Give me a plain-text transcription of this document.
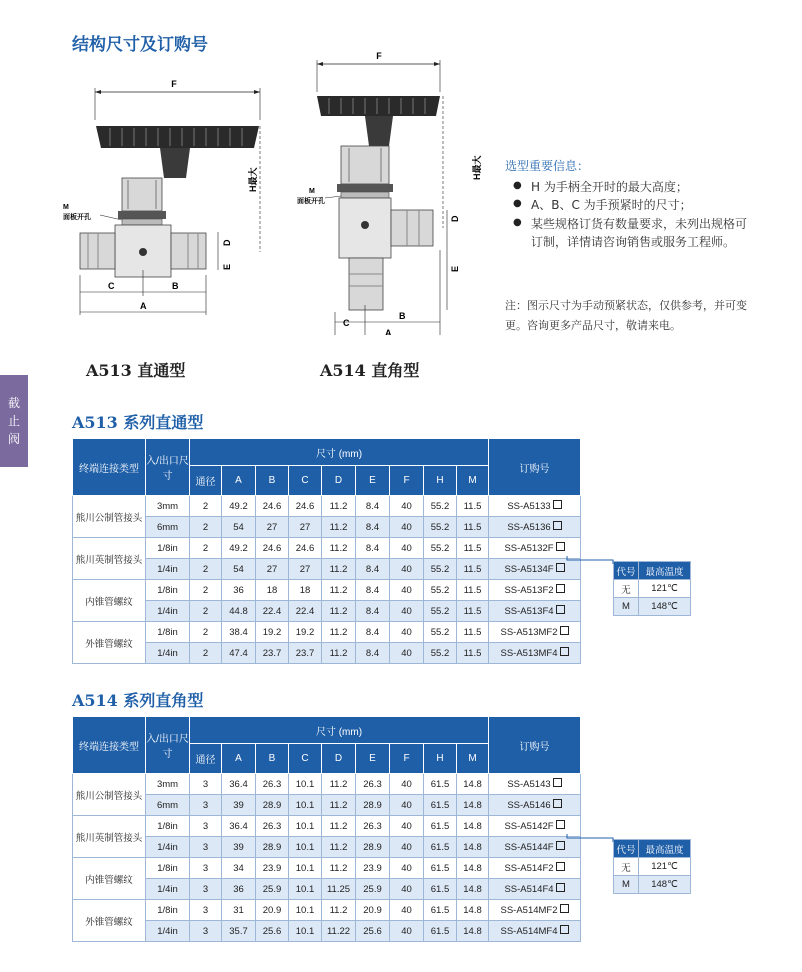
结构尺寸及订购号
截
止
阀
F
M
面板开孔
H最大
D
E
C	B
A
F
M
面板开孔
H最大
D
E
C
B
A
A513 直通型	A514 直角型
选型重要信息：
● H 为手柄全开时的最大高度；
● A、B、C 为手预紧时的尺寸；
● 某些规格订货有数量要求，未列出规格可订制，详情请咨询销售或服务工程师。
注：图示尺寸为手动预紧状态，仅供参考，并可变更。咨询更多产品尺寸，敬请来电。
A513 系列直通型
终端连接类型	入/出口尺寸	尺寸 (mm)									订购号
		通径	A	B	C	D	E	F	H	M	
熊川公制管接头	3mm	2	49.2	24.6	24.6	11.2	8.4	40	55.2	11.5	SS-A5133
	6mm	2	54	27	27	11.2	8.4	40	55.2	11.5	SS-A5136
熊川英制管接头	1/8in	2	49.2	24.6	24.6	11.2	8.4	40	55.2	11.5	SS-A5132F
	1/4in	2	54	27	27	11.2	8.4	40	55.2	11.5	SS-A5134F
内锥管螺纹	1/8in	2	36	18	18	11.2	8.4	40	55.2	11.5	SS-A513F2
	1/4in	2	44.8	22.4	22.4	11.2	8.4	40	55.2	11.5	SS-A513F4
外锥管螺纹	1/8in	2	38.4	19.2	19.2	11.2	8.4	40	55.2	11.5	SS-A513MF2
	1/4in	2	47.4	23.7	23.7	11.2	8.4	40	55.2	11.5	SS-A513MF4
代号	最高温度
无	121℃
M	148℃
A514 系列直角型
终端连接类型	入/出口尺寸	尺寸 (mm)									订购号
		通径	A	B	C	D	E	F	H	M	
熊川公制管接头	3mm	3	36.4	26.3	10.1	11.2	26.3	40	61.5	14.8	SS-A5143
	6mm	3	39	28.9	10.1	11.2	28.9	40	61.5	14.8	SS-A5146
熊川英制管接头	1/8in	3	36.4	26.3	10.1	11.2	26.3	40	61.5	14.8	SS-A5142F
	1/4in	3	39	28.9	10.1	11.2	28.9	40	61.5	14.8	SS-A5144F
内锥管螺纹	1/8in	3	34	23.9	10.1	11.2	23.9	40	61.5	14.8	SS-A514F2
	1/4in	3	36	25.9	10.1	11.25	25.9	40	61.5	14.8	SS-A514F4
外锥管螺纹	1/8in	3	31	20.9	10.1	11.2	20.9	40	61.5	14.8	SS-A514MF2
	1/4in	3	35.7	25.6	10.1	11.22	25.6	40	61.5	14.8	SS-A514MF4
代号	最高温度
无	121℃
M	148℃
